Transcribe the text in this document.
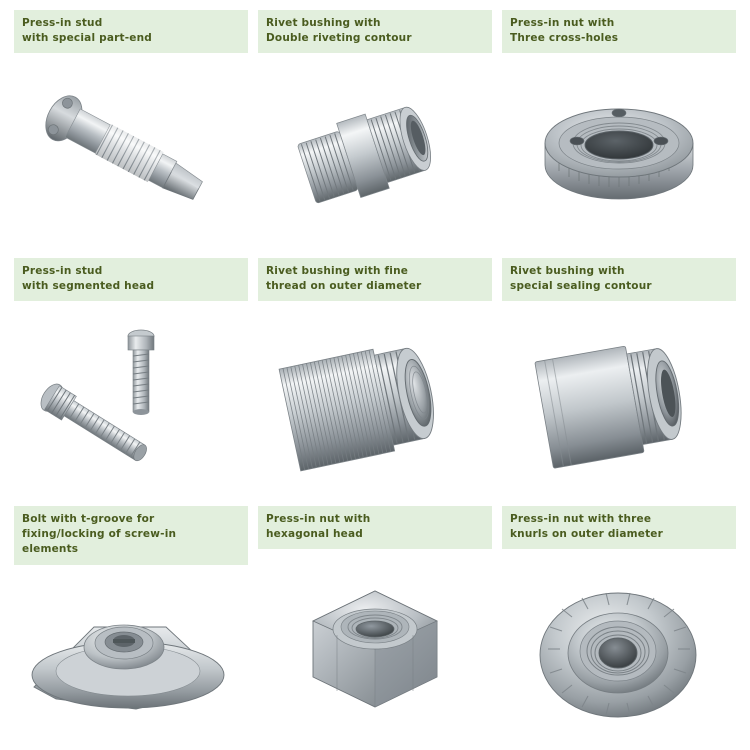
Press-in stud
with special part-end
Rivet bushing with
Double riveting contour
Press-in nut with
Three cross-holes
Press-in stud
with segmented head
Rivet bushing with fine
thread on outer diameter
Rivet bushing with
special sealing contour
Bolt with t-groove for
fixing/locking of screw-in
elements
Press-in nut with
hexagonal head
Press-in nut with three
knurls on outer diameter
